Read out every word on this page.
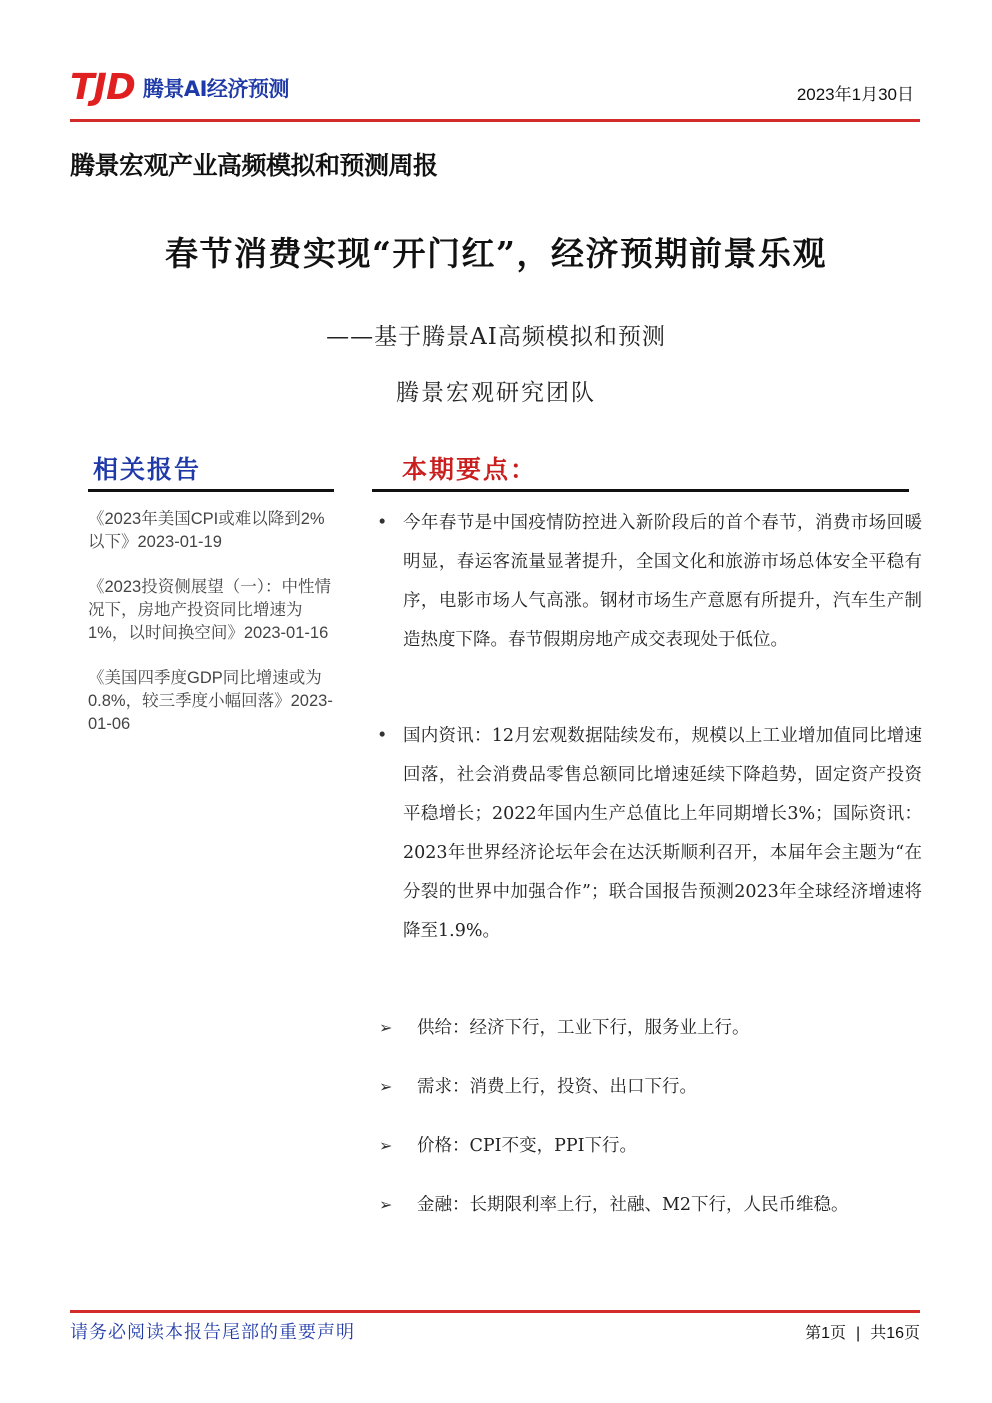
TJD 腾景AI经济预测	2023年1月30日
腾景宏观产业高频模拟和预测周报
春节消费实现“开门红”，经济预期前景乐观
——基于腾景AI高频模拟和预测
腾景宏观研究团队
相关报告
《2023年美国CPI或难以降到2%以下》2023-01-19
《2023投资侧展望（一）：中性情况下，房地产投资同比增速为1%，以时间换空间》2023-01-16
《美国四季度GDP同比增速或为0.8%，较三季度小幅回落》2023-01-06
本期要点：
• 今年春节是中国疫情防控进入新阶段后的首个春节，消费市场回暖明显，春运客流量显著提升，全国文化和旅游市场总体安全平稳有序，电影市场人气高涨。钢材市场生产意愿有所提升，汽车生产制造热度下降。春节假期房地产成交表现处于低位。
• 国内资讯：12月宏观数据陆续发布，规模以上工业增加值同比增速回落，社会消费品零售总额同比增速延续下降趋势，固定资产投资平稳增长；2022年国内生产总值比上年同期增长3%；国际资讯：2023年世界经济论坛年会在达沃斯顺利召开，本届年会主题为“在分裂的世界中加强合作”；联合国报告预测2023年全球经济增速将降至1.9%。
➢ 供给：经济下行，工业下行，服务业上行。
➢ 需求：消费上行，投资、出口下行。
➢ 价格：CPI不变，PPI下行。
➢ 金融：长期限利率上行，社融、M2下行，人民币维稳。
请务必阅读本报告尾部的重要声明	第1页 | 共16页
